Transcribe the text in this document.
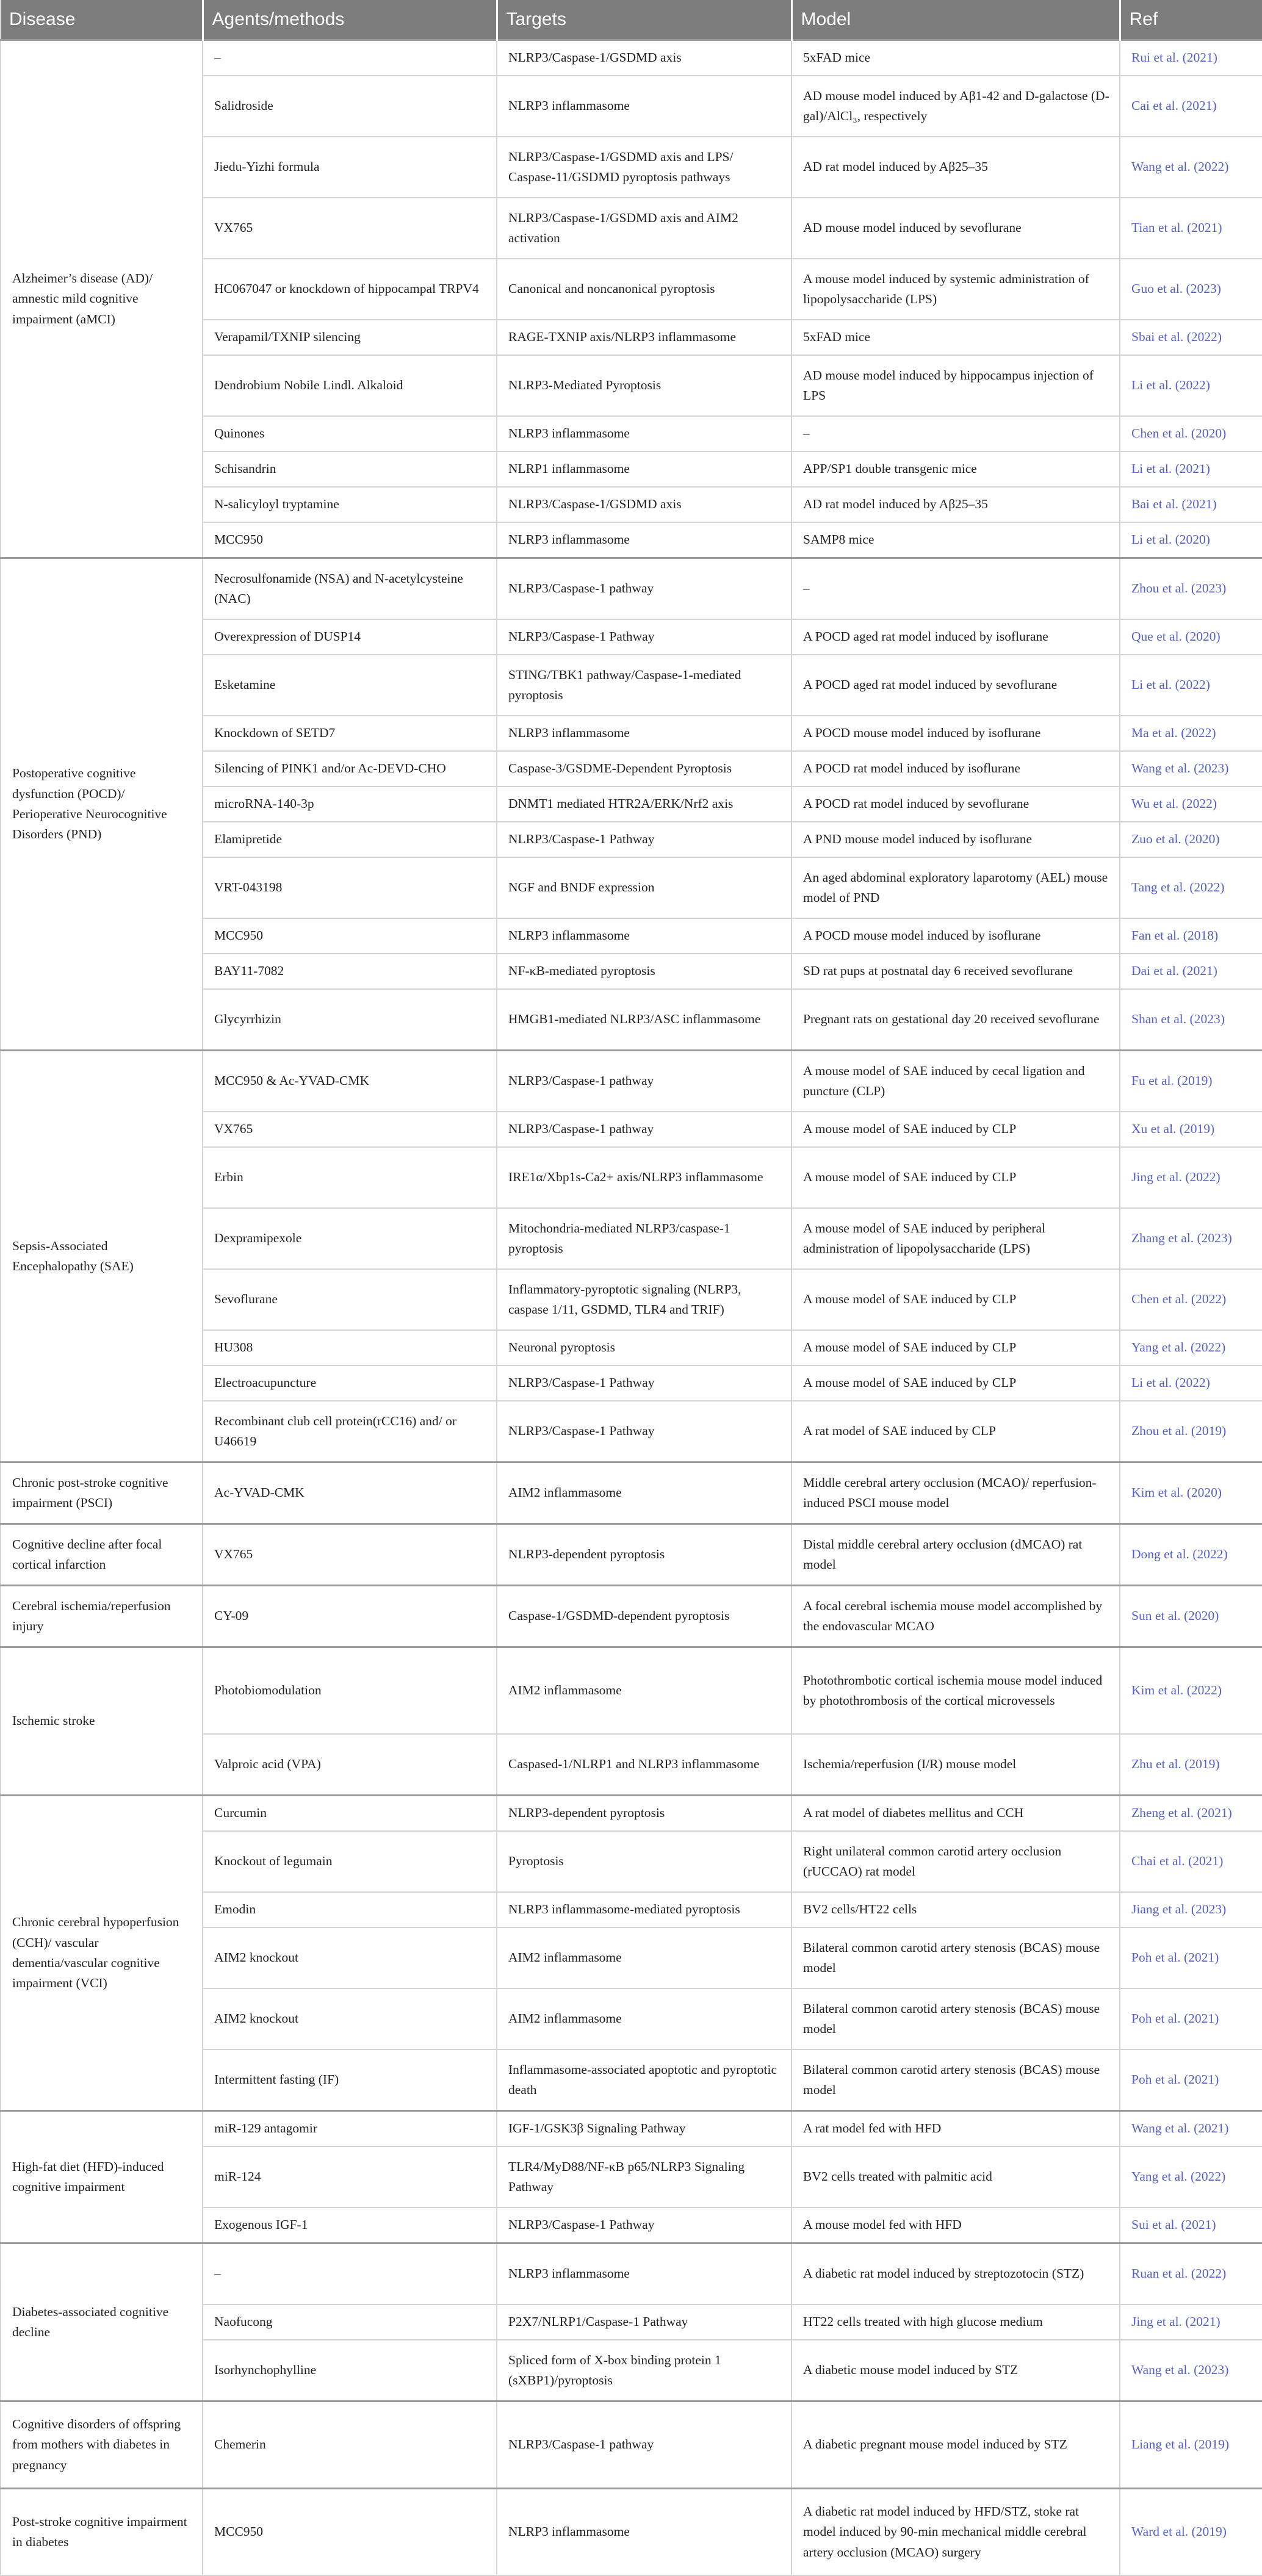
Disease	Agents/methods	Targets	Model	Ref
Alzheimer’s disease (AD)/ amnestic mild cognitive impairment (aMCI)	–	NLRP3/Caspase-1/GSDMD axis	5xFAD mice	Rui et al. (2021)
	Salidroside	NLRP3 inflammasome	AD mouse model induced by Aβ1-42 and D-galactose (D-gal)/AlCl₃, respectively	Cai et al. (2021)
	Jiedu-Yizhi formula	NLRP3/Caspase-1/GSDMD axis and LPS/ Caspase-11/GSDMD pyroptosis pathways	AD rat model induced by Aβ25–35	Wang et al. (2022)
	VX765	NLRP3/Caspase-1/GSDMD axis and AIM2 activation	AD mouse model induced by sevoflurane	Tian et al. (2021)
	HC067047 or knockdown of hippocampal TRPV4	Canonical and noncanonical pyroptosis	A mouse model induced by systemic administration of lipopolysaccharide (LPS)	Guo et al. (2023)
	Verapamil/TXNIP silencing	RAGE-TXNIP axis/NLRP3 inflammasome	5xFAD mice	Sbai et al. (2022)
	Dendrobium Nobile Lindl. Alkaloid	NLRP3-Mediated Pyroptosis	AD mouse model induced by hippocampus injection of LPS	Li et al. (2022)
	Quinones	NLRP3 inflammasome	–	Chen et al. (2020)
	Schisandrin	NLRP1 inflammasome	APP/SP1 double transgenic mice	Li et al. (2021)
	N-salicyloyl tryptamine	NLRP3/Caspase-1/GSDMD axis	AD rat model induced by Aβ25–35	Bai et al. (2021)
	MCC950	NLRP3 inflammasome	SAMP8 mice	Li et al. (2020)
Postoperative cognitive dysfunction (POCD)/ Perioperative Neurocognitive Disorders (PND)	Necrosulfonamide (NSA) and N-acetylcysteine (NAC)	NLRP3/Caspase-1 pathway	–	Zhou et al. (2023)
	Overexpression of DUSP14	NLRP3/Caspase-1 Pathway	A POCD aged rat model induced by isoflurane	Que et al. (2020)
	Esketamine	STING/TBK1 pathway/Caspase-1-mediated pyroptosis	A POCD aged rat model induced by sevoflurane	Li et al. (2022)
	Knockdown of SETD7	NLRP3 inflammasome	A POCD mouse model induced by isoflurane	Ma et al. (2022)
	Silencing of PINK1 and/or Ac-DEVD-CHO	Caspase-3/GSDME-Dependent Pyroptosis	A POCD rat model induced by isoflurane	Wang et al. (2023)
	microRNA-140-3p	DNMT1 mediated HTR2A/ERK/Nrf2 axis	A POCD rat model induced by sevoflurane	Wu et al. (2022)
	Elamipretide	NLRP3/Caspase-1 Pathway	A PND mouse model induced by isoflurane	Zuo et al. (2020)
	VRT-043198	NGF and BNDF expression	An aged abdominal exploratory laparotomy (AEL) mouse model of PND	Tang et al. (2022)
	MCC950	NLRP3 inflammasome	A POCD mouse model induced by isoflurane	Fan et al. (2018)
	BAY11-7082	NF-κB-mediated pyroptosis	SD rat pups at postnatal day 6 received sevoflurane	Dai et al. (2021)
	Glycyrrhizin	HMGB1-mediated NLRP3/ASC inflammasome	Pregnant rats on gestational day 20 received sevoflurane	Shan et al. (2023)
Sepsis-Associated Encephalopathy (SAE)	MCC950 & Ac-YVAD-CMK	NLRP3/Caspase-1 pathway	A mouse model of SAE induced by cecal ligation and puncture (CLP)	Fu et al. (2019)
	VX765	NLRP3/Caspase-1 pathway	A mouse model of SAE induced by CLP	Xu et al. (2019)
	Erbin	IRE1α/Xbp1s-Ca2+ axis/NLRP3 inflammasome	A mouse model of SAE induced by CLP	Jing et al. (2022)
	Dexpramipexole	Mitochondria-mediated NLRP3/caspase-1 pyroptosis	A mouse model of SAE induced by peripheral administration of lipopolysaccharide (LPS)	Zhang et al. (2023)
	Sevoflurane	Inflammatory-pyroptotic signaling (NLRP3, caspase 1/11, GSDMD, TLR4 and TRIF)	A mouse model of SAE induced by CLP	Chen et al. (2022)
	HU308	Neuronal pyroptosis	A mouse model of SAE induced by CLP	Yang et al. (2022)
	Electroacupuncture	NLRP3/Caspase-1 Pathway	A mouse model of SAE induced by CLP	Li et al. (2022)
	Recombinant club cell protein(rCC16) and/ or U46619	NLRP3/Caspase-1 Pathway	A rat model of SAE induced by CLP	Zhou et al. (2019)
Chronic post-stroke cognitive impairment (PSCI)	Ac-YVAD-CMK	AIM2 inflammasome	Middle cerebral artery occlusion (MCAO)/ reperfusion-induced PSCI mouse model	Kim et al. (2020)
Cognitive decline after focal cortical infarction	VX765	NLRP3-dependent pyroptosis	Distal middle cerebral artery occlusion (dMCAO) rat model	Dong et al. (2022)
Cerebral ischemia/reperfusion injury	CY-09	Caspase-1/GSDMD-dependent pyroptosis	A focal cerebral ischemia mouse model accomplished by the endovascular MCAO	Sun et al. (2020)
Ischemic stroke	Photobiomodulation	AIM2 inflammasome	Photothrombotic cortical ischemia mouse model induced by photothrombosis of the cortical microvessels	Kim et al. (2022)
	Valproic acid (VPA)	Caspased-1/NLRP1 and NLRP3 inflammasome	Ischemia/reperfusion (I/R) mouse model	Zhu et al. (2019)
Chronic cerebral hypoperfusion (CCH)/ vascular dementia/vascular cognitive impairment (VCI)	Curcumin	NLRP3-dependent pyroptosis	A rat model of diabetes mellitus and CCH	Zheng et al. (2021)
	Knockout of legumain	Pyroptosis	Right unilateral common carotid artery occlusion (rUCCAO) rat model	Chai et al. (2021)
	Emodin	NLRP3 inflammasome-mediated pyroptosis	BV2 cells/HT22 cells	Jiang et al. (2023)
	AIM2 knockout	AIM2 inflammasome	Bilateral common carotid artery stenosis (BCAS) mouse model	Poh et al. (2021)
	AIM2 knockout	AIM2 inflammasome	Bilateral common carotid artery stenosis (BCAS) mouse model	Poh et al. (2021)
	Intermittent fasting (IF)	Inflammasome-associated apoptotic and pyroptotic death	Bilateral common carotid artery stenosis (BCAS) mouse model	Poh et al. (2021)
High-fat diet (HFD)-induced cognitive impairment	miR-129 antagomir	IGF-1/GSK3β Signaling Pathway	A rat model fed with HFD	Wang et al. (2021)
	miR-124	TLR4/MyD88/NF-κB p65/NLRP3 Signaling Pathway	BV2 cells treated with palmitic acid	Yang et al. (2022)
	Exogenous IGF-1	NLRP3/Caspase-1 Pathway	A mouse model fed with HFD	Sui et al. (2021)
Diabetes-associated cognitive decline	–	NLRP3 inflammasome	A diabetic rat model induced by streptozotocin (STZ)	Ruan et al. (2022)
	Naofucong	P2X7/NLRP1/Caspase-1 Pathway	HT22 cells treated with high glucose medium	Jing et al. (2021)
	Isorhynchophylline	Spliced form of X-box binding protein 1 (sXBP1)/pyroptosis	A diabetic mouse model induced by STZ	Wang et al. (2023)
Cognitive disorders of offspring from mothers with diabetes in pregnancy	Chemerin	NLRP3/Caspase-1 pathway	A diabetic pregnant mouse model induced by STZ	Liang et al. (2019)
Post-stroke cognitive impairment in diabetes	MCC950	NLRP3 inflammasome	A diabetic rat model induced by HFD/STZ, stoke rat model induced by 90-min mechanical middle cerebral artery occlusion (MCAO) surgery	Ward et al. (2019)
